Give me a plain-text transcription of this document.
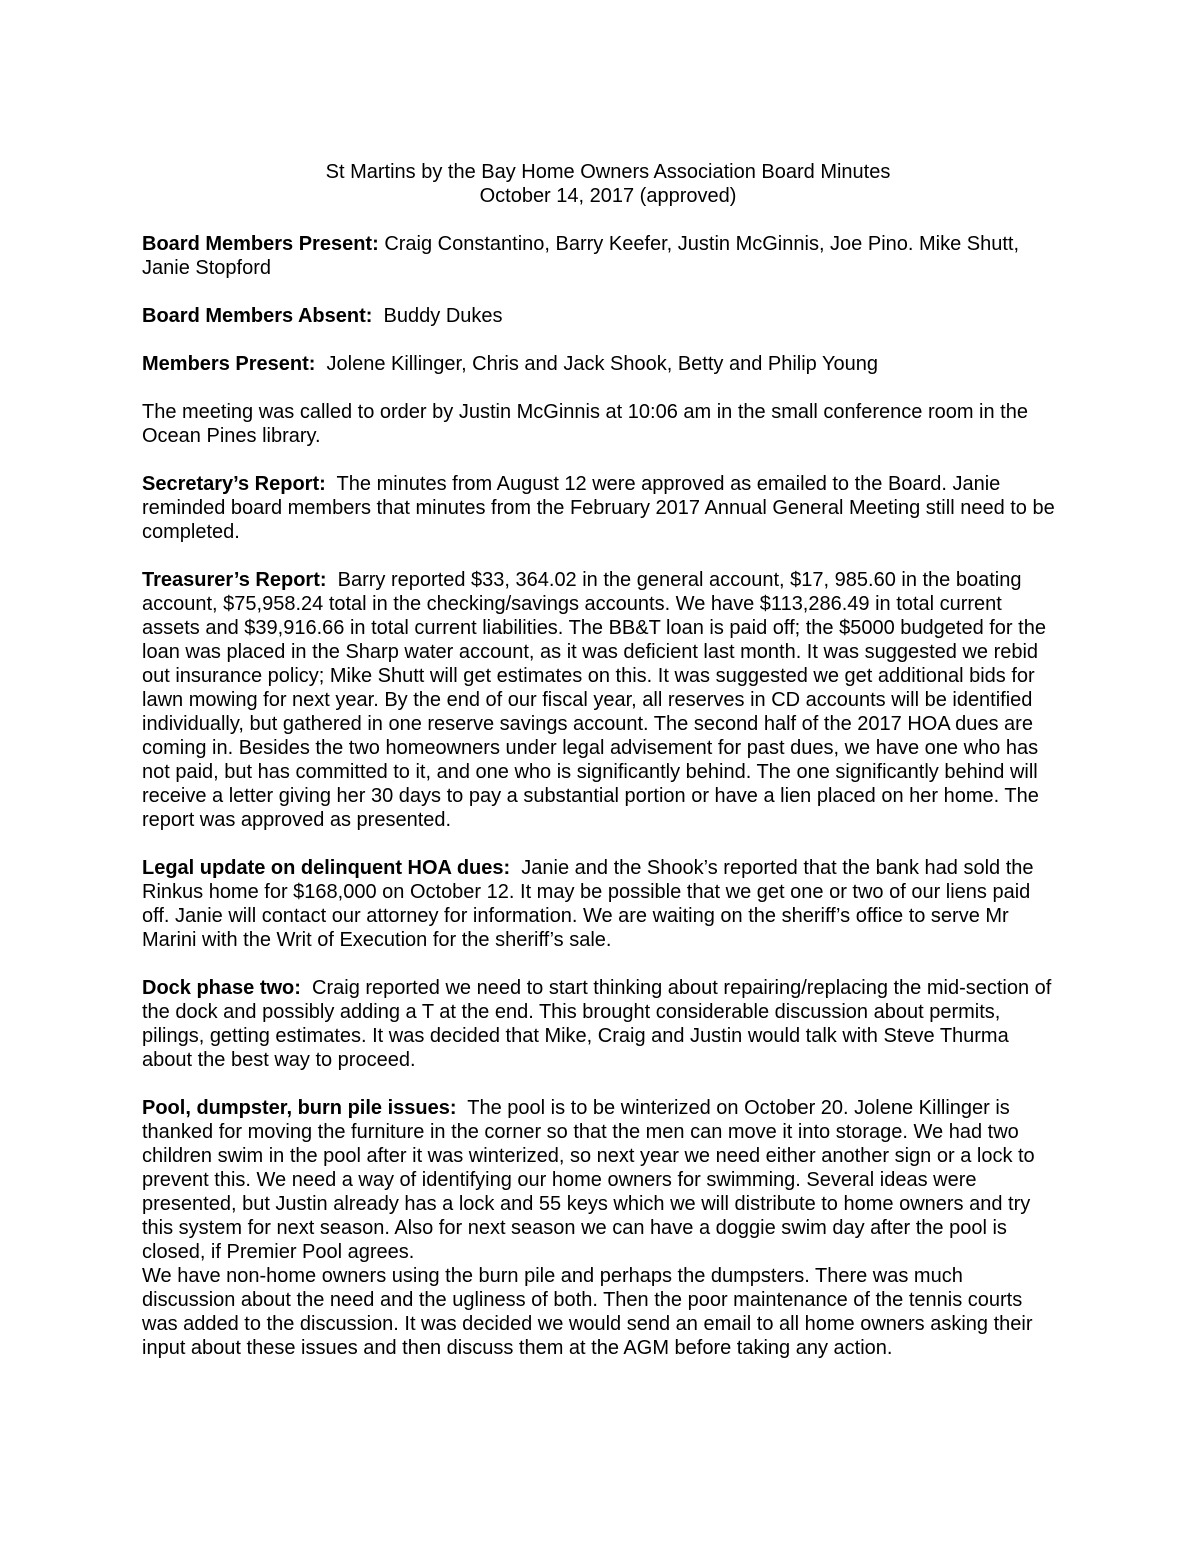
St Martins by the Bay Home Owners Association Board Minutes
October 14, 2017 (approved)

Board Members Present: Craig Constantino, Barry Keefer, Justin McGinnis, Joe Pino. Mike Shutt, Janie Stopford

Board Members Absent: Buddy Dukes

Members Present: Jolene Killinger, Chris and Jack Shook, Betty and Philip Young

The meeting was called to order by Justin McGinnis at 10:06 am in the small conference room in the Ocean Pines library.

Secretary’s Report: The minutes from August 12 were approved as emailed to the Board. Janie reminded board members that minutes from the February 2017 Annual General Meeting still need to be completed.

Treasurer’s Report: Barry reported $33, 364.02 in the general account, $17, 985.60 in the boating account, $75,958.24 total in the checking/savings accounts. We have $113,286.49 in total current assets and $39,916.66 in total current liabilities. The BB&T loan is paid off; the $5000 budgeted for the loan was placed in the Sharp water account, as it was deficient last month. It was suggested we rebid out insurance policy; Mike Shutt will get estimates on this. It was suggested we get additional bids for lawn mowing for next year. By the end of our fiscal year, all reserves in CD accounts will be identified individually, but gathered in one reserve savings account. The second half of the 2017 HOA dues are coming in. Besides the two homeowners under legal advisement for past dues, we have one who has not paid, but has committed to it, and one who is significantly behind. The one significantly behind will receive a letter giving her 30 days to pay a substantial portion or have a lien placed on her home. The report was approved as presented.

Legal update on delinquent HOA dues: Janie and the Shook’s reported that the bank had sold the Rinkus home for $168,000 on October 12. It may be possible that we get one or two of our liens paid off. Janie will contact our attorney for information. We are waiting on the sheriff’s office to serve Mr Marini with the Writ of Execution for the sheriff’s sale.

Dock phase two: Craig reported we need to start thinking about repairing/replacing the mid-section of the dock and possibly adding a T at the end. This brought considerable discussion about permits, pilings, getting estimates. It was decided that Mike, Craig and Justin would talk with Steve Thurma about the best way to proceed.

Pool, dumpster, burn pile issues: The pool is to be winterized on October 20. Jolene Killinger is thanked for moving the furniture in the corner so that the men can move it into storage. We had two children swim in the pool after it was winterized, so next year we need either another sign or a lock to prevent this. We need a way of identifying our home owners for swimming. Several ideas were presented, but Justin already has a lock and 55 keys which we will distribute to home owners and try this system for next season. Also for next season we can have a doggie swim day after the pool is closed, if Premier Pool agrees.

We have non-home owners using the burn pile and perhaps the dumpsters. There was much discussion about the need and the ugliness of both. Then the poor maintenance of the tennis courts was added to the discussion. It was decided we would send an email to all home owners asking their input about these issues and then discuss them at the AGM before taking any action.
